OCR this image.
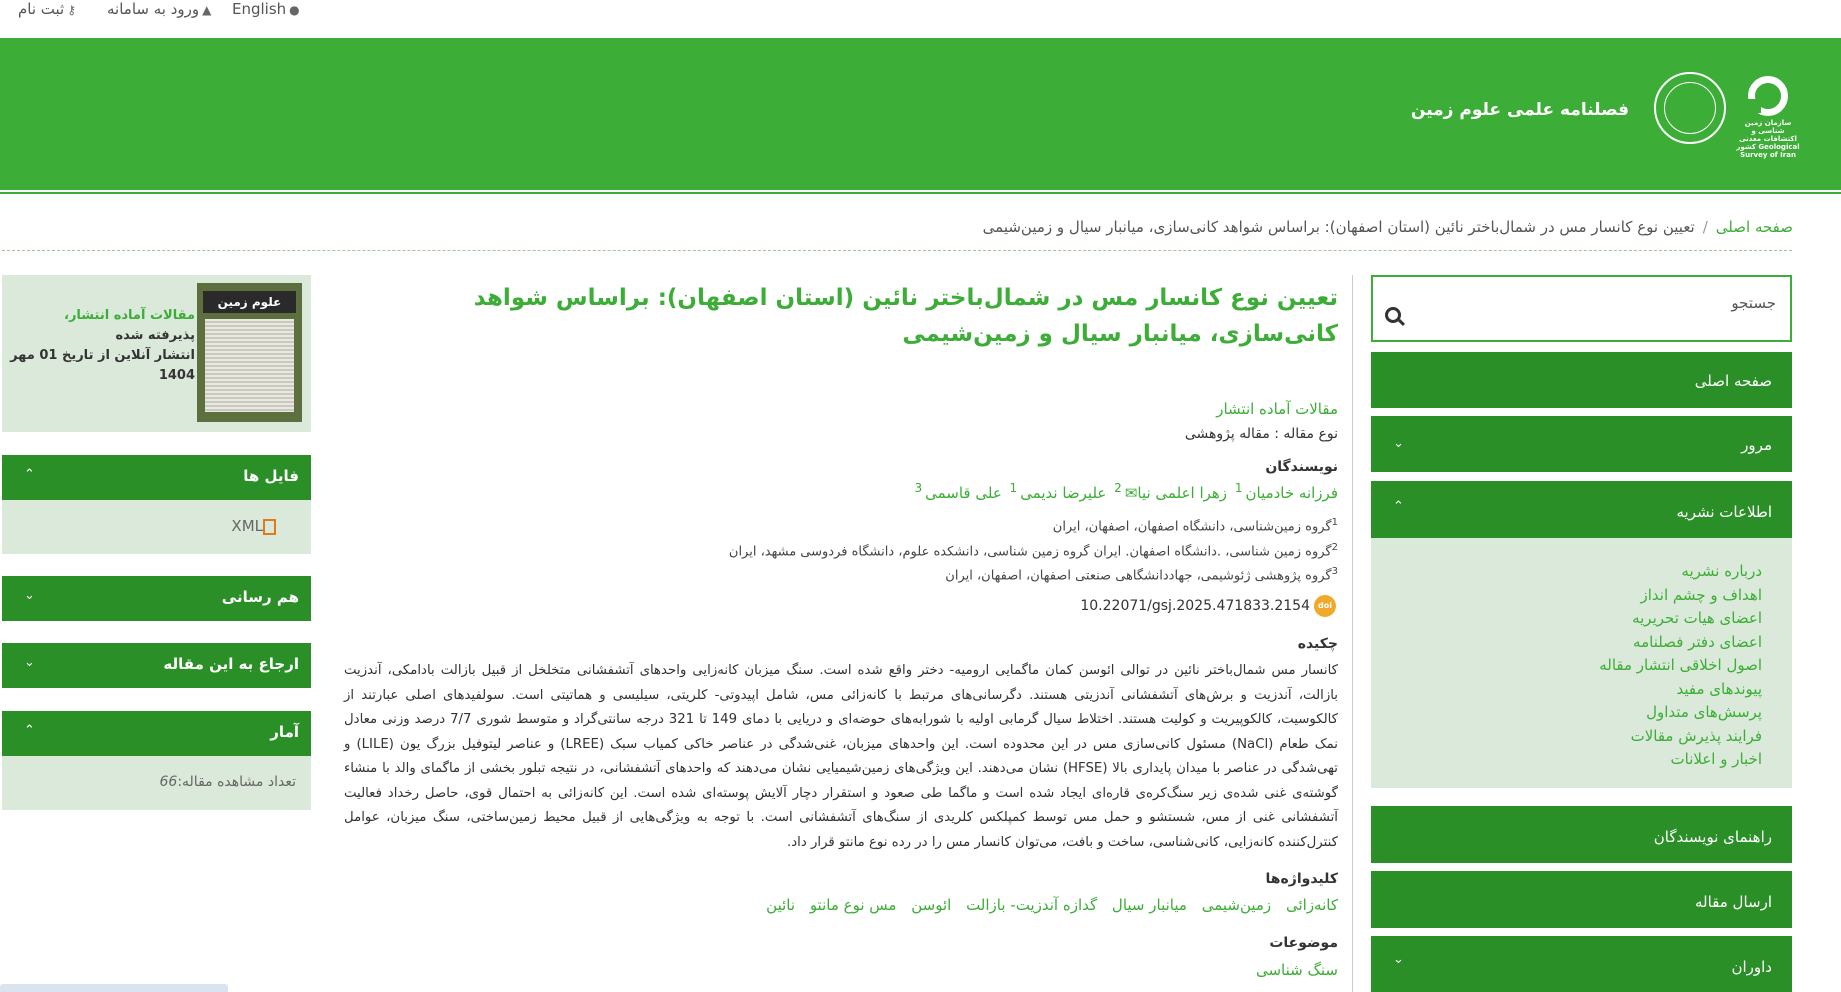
English ●
ورود به سامانه ▲
ثبت نام ⚷
فصلنامه علمی علوم زمین
سازمان زمین شناسی و اکتشافات معدنی کشور Geological Survey of Iran
صفحه اصلی/تعیین نوع کانسار مس در شمال‌باختر نائین (استان اصفهان): براساس شواهد کانی‌سازی، میانبار سیال و زمین‌شیمی
جستجو
صفحه اصلی
مرور
⌄
اطلاعات نشریه
⌃
درباره نشریه
اهداف و چشم انداز
اعضای هیات تحریریه
اعضای دفتر فصلنامه
اصول اخلاقی انتشار مقاله
پیوندهای مفید
پرسش‌های متداول
فرایند پذیرش مقالات
اخبار و اعلانات
راهنمای نویسندگان
ارسال مقاله
داوران
⌄
تعیین نوع کانسار مس در شمال‌باختر نائین (استان اصفهان): براساس شواهد کانی‌سازی، میانبار سیال و زمین‌شیمی
مقالات آماده انتشار
نوع مقاله : مقاله پژوهشی
نویسندگان
فرزانه خادمیان$^1$ زهرا اعلمی نیا✉$^2$ علیرضا ندیمی$^1$ علی قاسمی$^3$
$^1$گروه زمین‌شناسی، دانشگاه اصفهان، اصفهان، ایران
$^2$گروه زمین شناسی، .دانشگاه اصفهان. ایران گروه زمین شناسی، دانشکده علوم، دانشگاه فردوسی مشهد، ایران
$^3$گروه پژوهشی ژئوشیمی، جهاددانشگاهی صنعتی اصفهان، اصفهان، ایران
10.22071/gsj.2025.471833.2154 doi
چکیده

کانسار مس شمال‌باختر نائین در توالی ائوسن کمان ماگمایی ارومیه- دختر واقع شده است. سنگ میزبان کانه‌زایی واحدهای آتشفشانی متخلخل از قبیل بازالت بادامکی، آندزیت بازالت، آندزیت و برش‌های آتشفشانی آندزیتی هستند. دگرسانی‌های مرتبط با کانه‌زائی مس، شامل اپیدوتی- کلریتی، سیلیسی و هماتیتی است. سولفیدهای اصلی عبارتند از کالکوسیت، کالکوپیریت و کولیت هستند. اختلاط سیال گرمابی اولیه با شورابه‌های حوضه‌ای و دریایی با دمای 149 تا 321 درجه سانتی‌گراد و متوسط شوری 7/7 درصد وزنی معادل نمک طعام (NaCl) مسئول کانی‌سازی مس در این محدوده است. این واحدهای میزبان، غنی‌شدگی در عناصر خاکی کمیاب سبک (LREE) و عناصر لیتوفیل بزرگ یون (LILE) و تهی‌شدگی در عناصر با میدان پایداری بالا (HFSE) نشان می‌دهند. این ویژگی‌های زمین‌شیمیایی نشان می‌دهند که واحدهای آتشفشانی، در نتیجه تبلور بخشی از ماگمای والد با منشاء گوشته‌ی غنی شده‌ی زیر سنگ‌کره‌ی قاره‌ای ایجاد شده است و ماگما طی صعود و استقرار دچار آلایش پوسته‌ای شده است. این کانه‌زائی به احتمال قوی، حاصل رخداد فعالیت آتشفشانی غنی از مس، شستشو و حمل مس توسط کمپلکس کلریدی از سنگ‌های آتشفشانی است. با توجه به ویژگی‌هایی از قبیل محیط زمین‌ساختی، سنگ میزبان، عوامل کنترل‌کننده کانه‌زایی، کانی‌شناسی، ساخت و بافت، می‌توان کانسار مس را در رده نوع مانتو قرار داد.

کلیدواژه‌ها
کانه‌زائی زمین‌شیمی میانبار سیال گدازه آندزیت- بازالت ائوسن مس نوع مانتو نائین
موضوعات
سنگ شناسی
علوم زمین
مقالات آماده انتشار،
پذیرفته شده
انتشار آنلاین از تاریخ 01 مهر
1404
فایل ها
⌃
XML
هم رسانی
⌄
ارجاع به این مقاله
⌄
آمار
⌃
تعداد مشاهده مقاله:66
